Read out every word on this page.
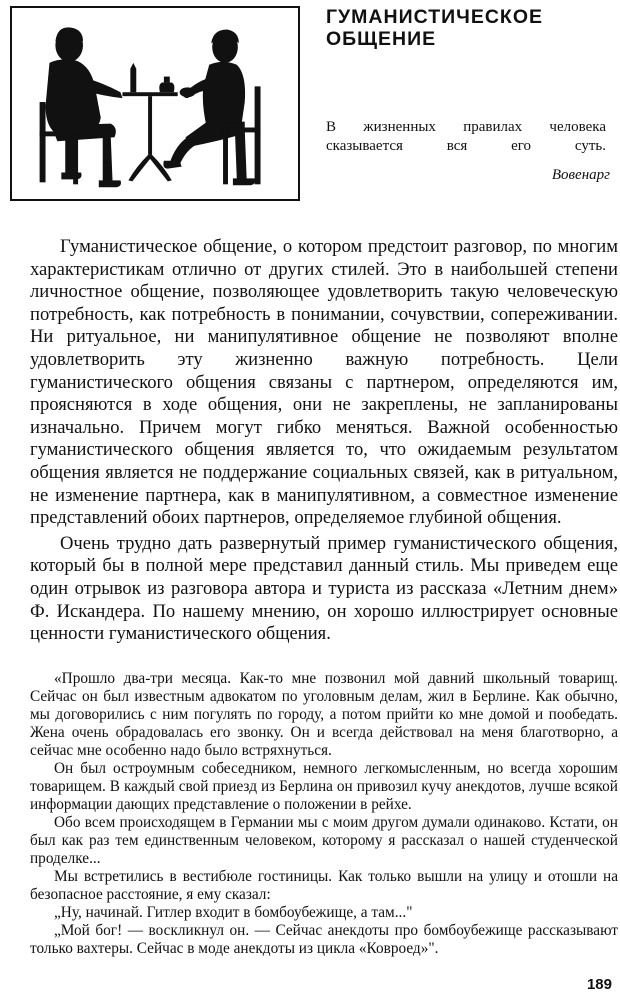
ГУМАНИСТИЧЕСКОЕ
ОБЩЕНИЕ
В жизненных правилах человека сказывается вся его суть.
Вовенарг

Гуманистическое общение, о котором предстоит разговор, по многим характеристикам отлично от других стилей. Это в наибольшей степени личностное общение, позволяющее удовлетворить такую человеческую потребность, как потребность в понимании, сочувствии, сопереживании. Ни ритуальное, ни манипулятивное общение не позволяют вполне удовлетворить эту жизненно важную потребность. Цели гуманистического общения связаны с партнером, определяются им, проясняются в ходе общения, они не закреплены, не запланированы изначально. Причем могут гибко меняться. Важной особенностью гуманистического общения является то, что ожидаемым результатом общения является не поддержание социальных связей, как в ритуальном, не изменение партнера, как в манипулятивном, а совместное изменение представлений обоих партнеров, определяемое глубиной общения.

Очень трудно дать развернутый пример гуманистического общения, который бы в полной мере представил данный стиль. Мы приведем еще один отрывок из разговора автора и туриста из рассказа «Летним днем» Ф. Искандера. По нашему мнению, он хорошо иллюстрирует основные ценности гуманистического общения.

«Прошло два-три месяца. Как-то мне позвонил мой давний школьный товарищ. Сейчас он был известным адвокатом по уголовным делам, жил в Берлине. Как обычно, мы договорились с ним погулять по городу, а потом прийти ко мне домой и пообедать. Жена очень обрадовалась его звонку. Он и всегда действовал на меня благотворно, а сейчас мне особенно надо было встряхнуться.

Он был остроумным собеседником, немного легкомысленным, но всегда хорошим товарищем. В каждый свой приезд из Берлина он привозил кучу анекдотов, лучше всякой информации дающих представление о положении в рейхе.

Обо всем происходящем в Германии мы с моим другом думали одинаково. Кстати, он был как раз тем единственным человеком, которому я рассказал о нашей студенческой проделке...

Мы встретились в вестибюле гостиницы. Как только вышли на улицу и отошли на безопасное расстояние, я ему сказал:

„Ну, начинай. Гитлер входит в бомбоубежище, а там..."

„Мой бог! — воскликнул он. — Сейчас анекдоты про бомбоубежище рассказывают только вахтеры. Сейчас в моде анекдоты из цикла «Ковроед»".

189
